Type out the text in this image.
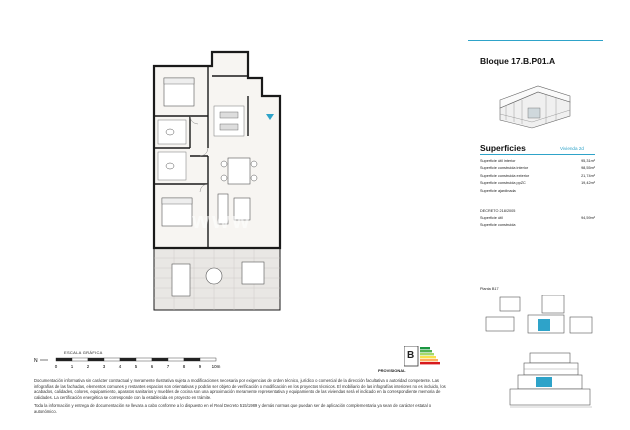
www
ESCALA GRÁFICA
N
0	1	2	3	4	5	6	7	8	9 10m
B
PROVISIONAL

Documentación informativa sin carácter contractual y meramente Ilustrativa sujeta a modificaciones necesaria por exigencias de orden técnico, jurídico o comercial de la dirección facultativa o autoridad competente. Las infografías de las fachadas, elementos comunes y restantes espacios son orientativas y podrán ser objeto de verificación o modificación en los proyectos técnicos. El mobiliario de las infografías interiores no es incluido, los acabados, calidades, colores, equipamiento, aparatos sanitarios y muebles de cocina son una aproximación meramente representativa y equipamiento de las viviendas será el indicado en la correspondiente memoria de calidades. La certificación energética se corresponde con la establecida en proyecto en trámite.

Toda la información y entrega de documentación se llevara a cabo conforme a lo dispuesto en el Real Decreto 515/1989 y demás normas que puedan ser de aplicación complementaria ya sean de carácter estatal o autonómico.

Bloque 17.B.P01.A
Superficies	Vivienda 2d
Superficie útil interior	95,31m²
Superficie construida interior	98,55m²
Superficie construida exterior	21,74m²
Superficie construida ppZC	19,42m²
Superficie ajardinada
DECRETO 218/2005
Superficie útil	94,59m²
Superficie construida
Planta B17
